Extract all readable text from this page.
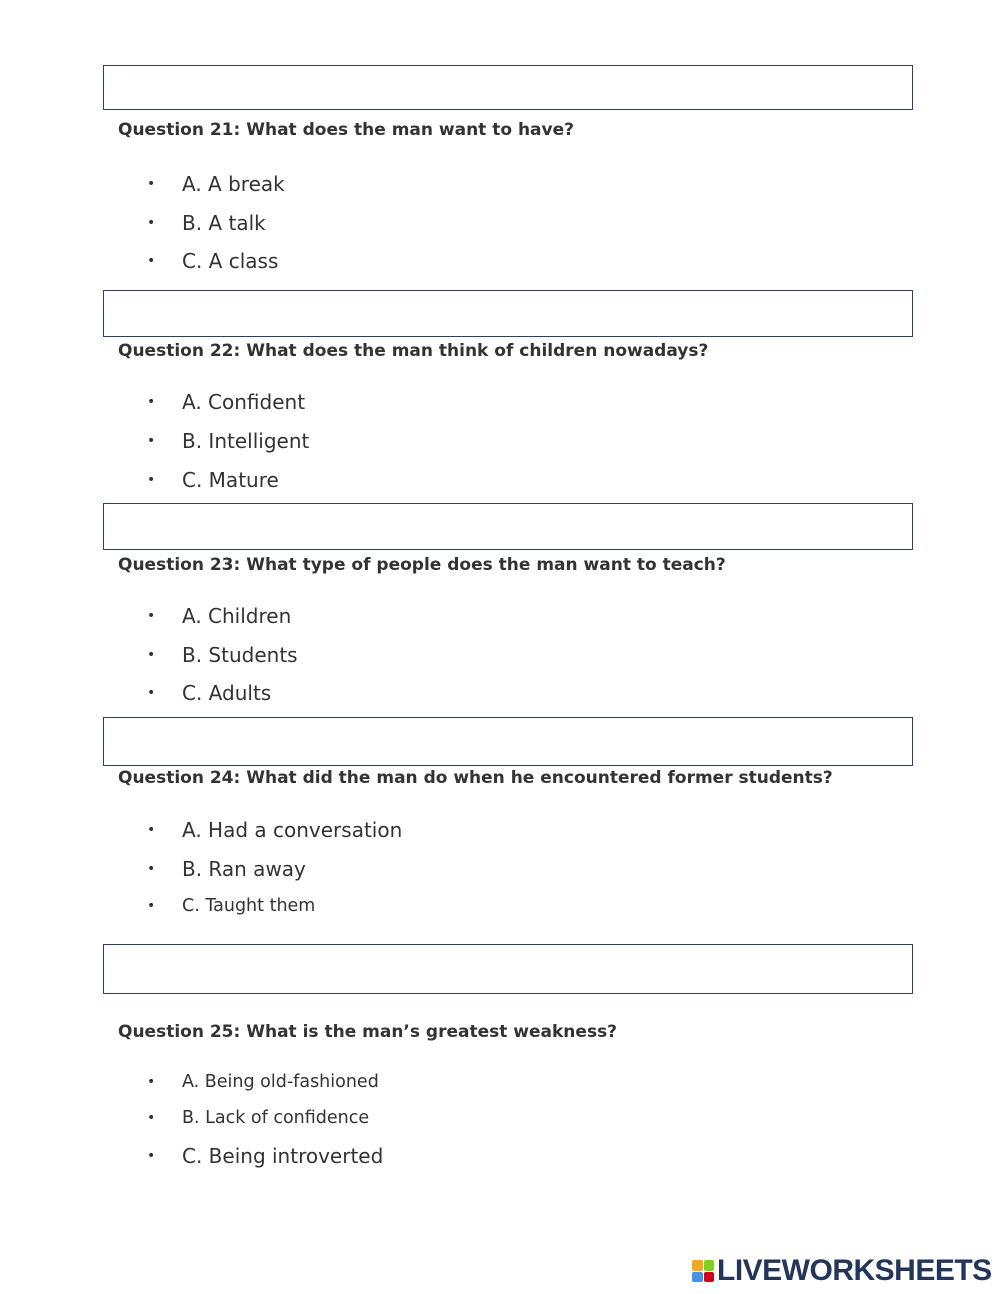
Question 21: What does the man want to have?

• A. A break
• B. A talk
• C. A class

Question 22: What does the man think of children nowadays?

• A. Confident
• B. Intelligent
• C. Mature

Question 23: What type of people does the man want to teach?

• A. Children
• B. Students
• C. Adults

Question 24: What did the man do when he encountered former students?

• A. Had a conversation
• B. Ran away
• C. Taught them

Question 25: What is the man’s greatest weakness?

• A. Being old-fashioned
• B. Lack of confidence
• C. Being introverted
LIVEWORKSHEETS
